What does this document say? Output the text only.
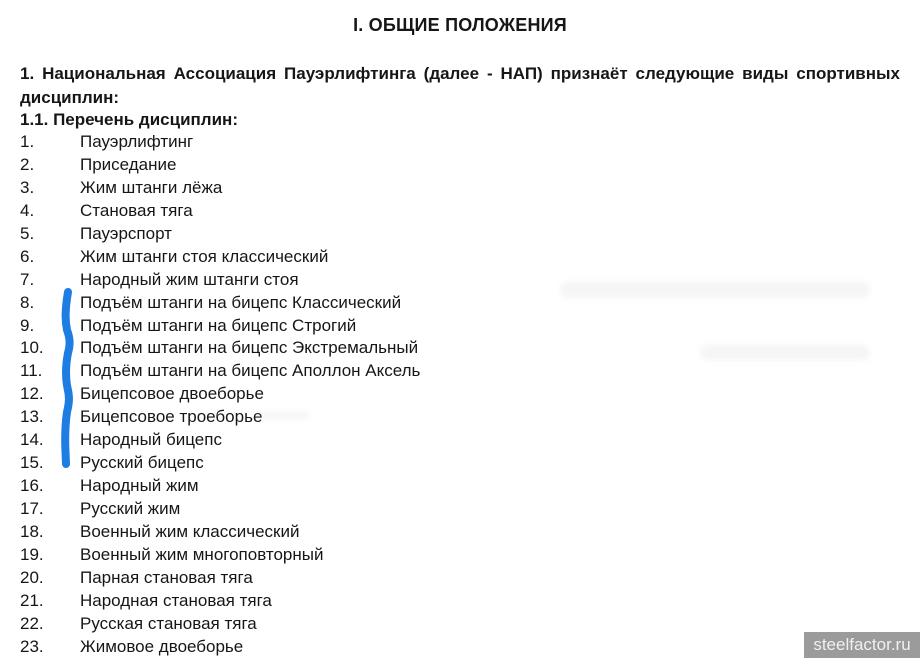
I. ОБЩИЕ ПОЛОЖЕНИЯ

1. Национальная Ассоциация Пауэрлифтинга (далее - НАП) признаёт следующие виды спортивных дисциплин:

1.1. Перечень дисциплин:

1.	Пауэрлифтинг
2.	Приседание
3.	Жим штанги лёжа
4.	Становая тяга
5.	Пауэрспорт
6.	Жим штанги стоя классический
7.	Народный жим штанги стоя
8.	Подъём штанги на бицепс Классический
9.	Подъём штанги на бицепс Строгий
10.	Подъём штанги на бицепс Экстремальный
11.	Подъём штанги на бицепс Аполлон Аксель
12.	Бицепсовое двоеборье
13.	Бицепсовое троеборье
14.	Народный бицепс
15.	Русский бицепс
16.	Народный жим
17.	Русский жим
18.	Военный жим классический
19.	Военный жим многоповторный
20.	Парная становая тяга
21.	Народная становая тяга
22.	Русская становая тяга
23.	Жимовое двоеборье	steelfactor.ru
